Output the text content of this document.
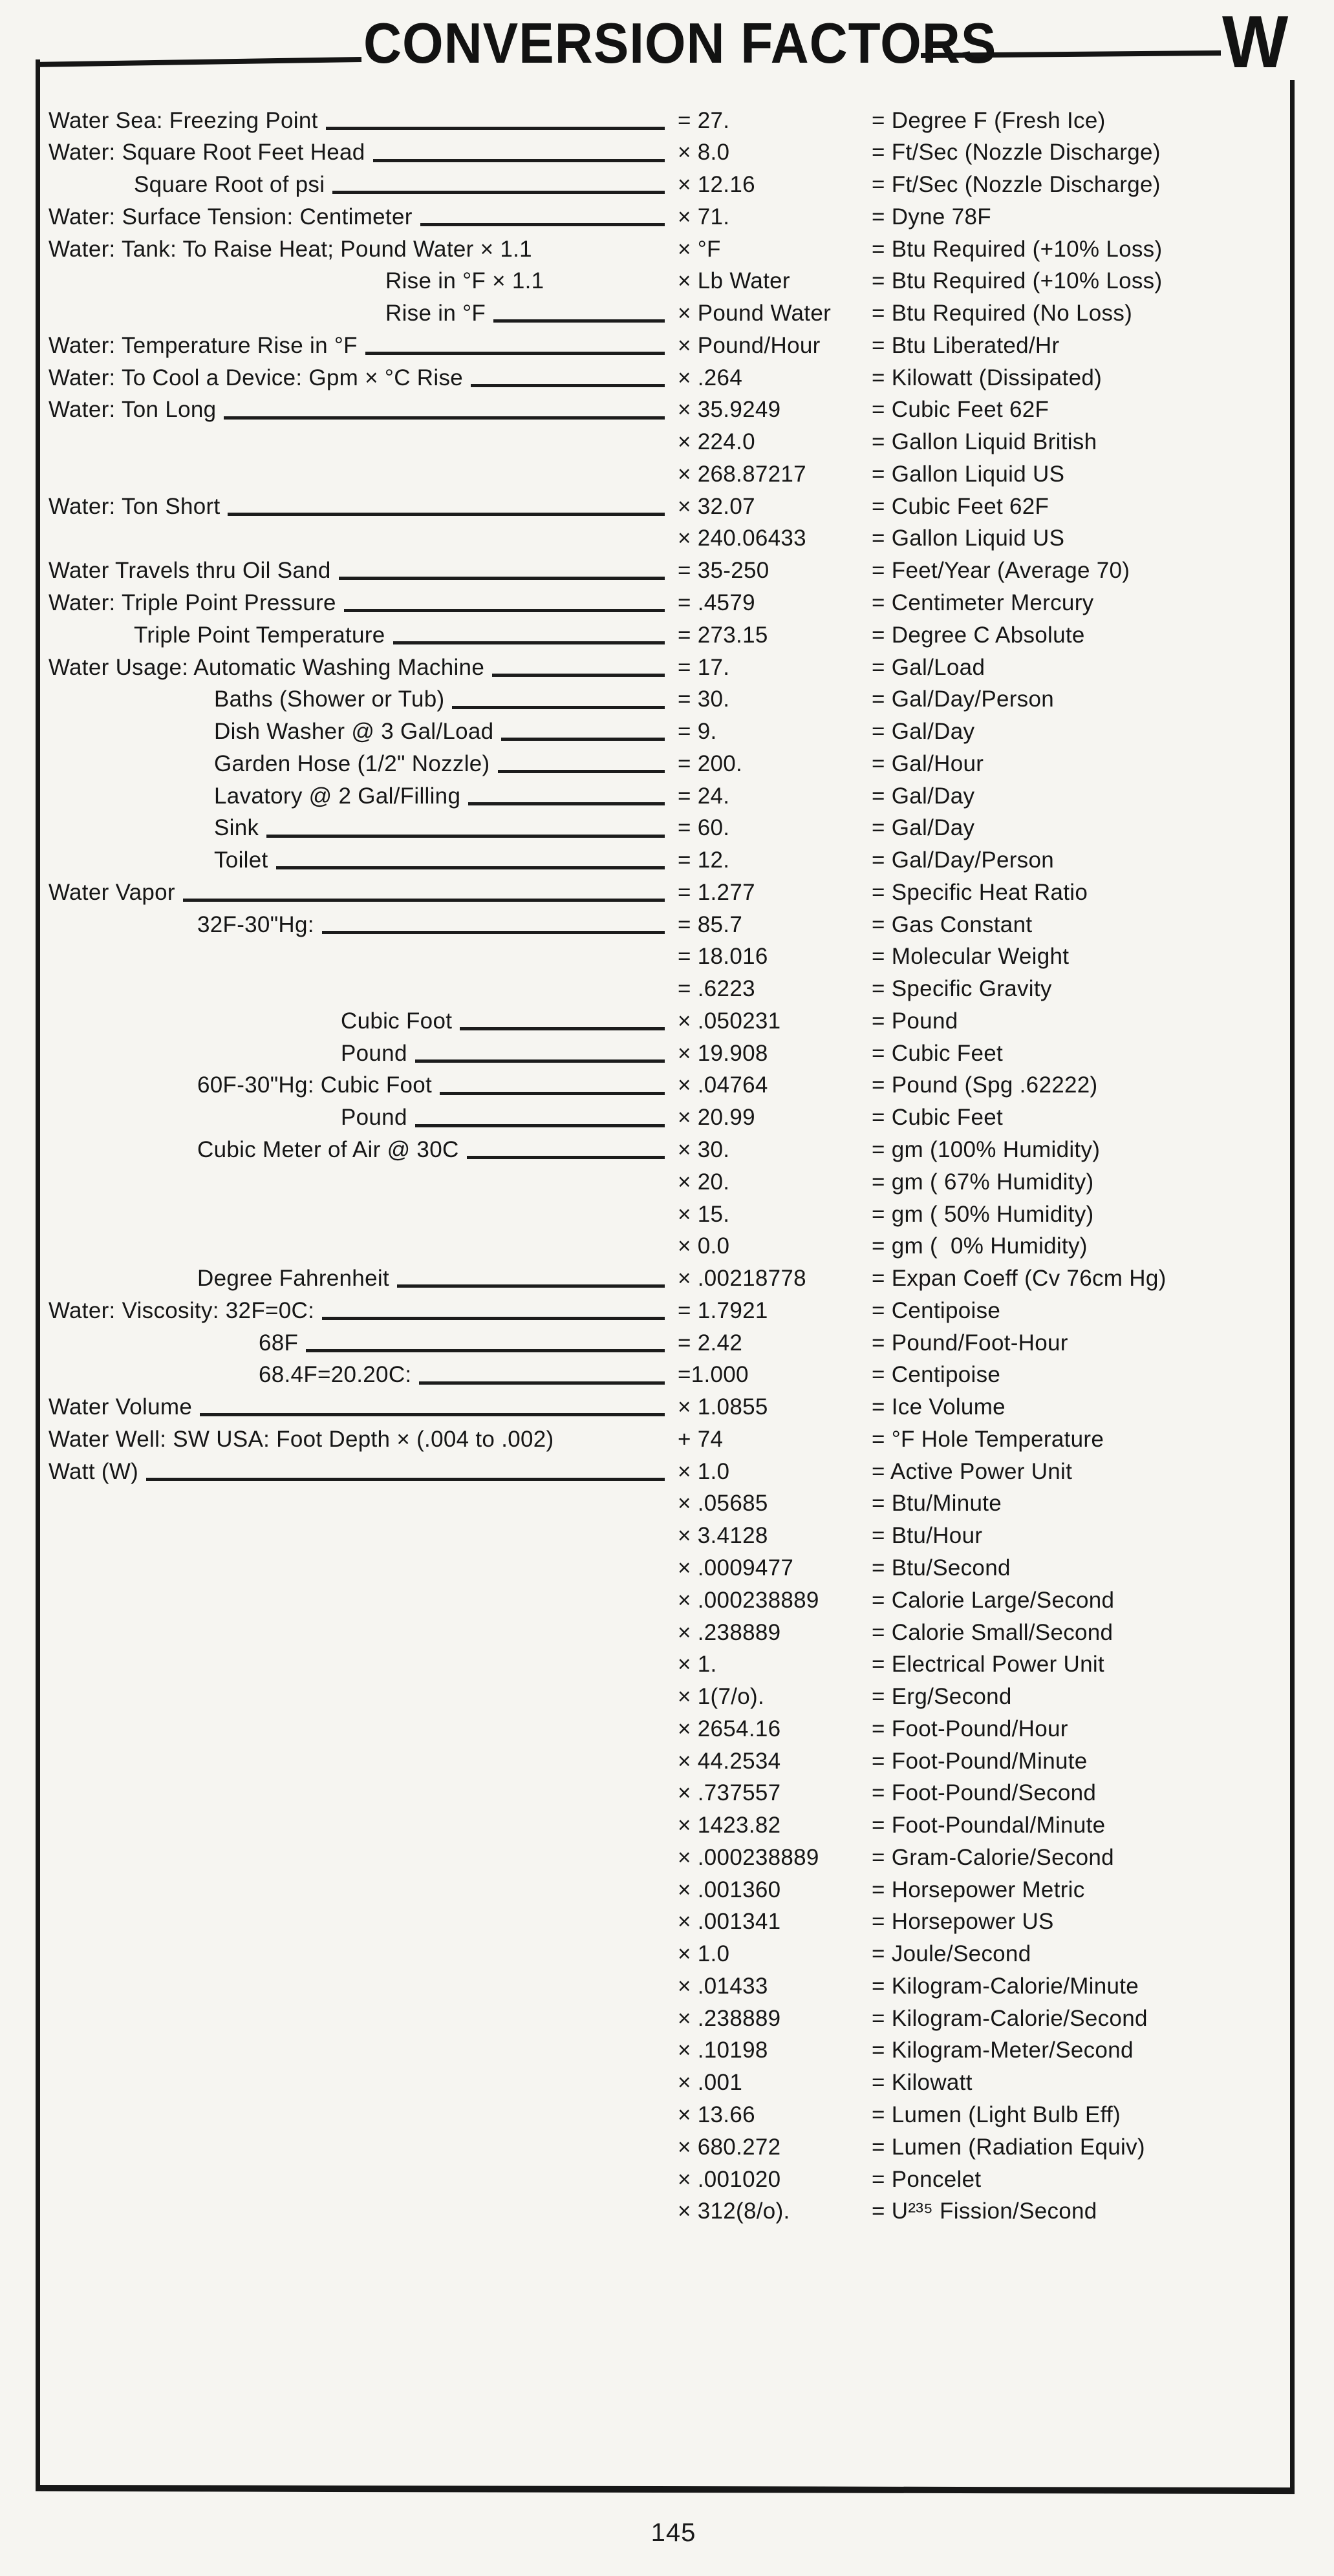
CONVERSION FACTORS	W
Water Sea: Freezing Point	= 27.	= Degree F (Fresh Ice)
Water: Square Root Feet Head	× 8.0	= Ft/Sec (Nozzle Discharge)
Square Root of psi	× 12.16	= Ft/Sec (Nozzle Discharge)
Water: Surface Tension: Centimeter	× 71.	= Dyne 78F
Water: Tank: To Raise Heat; Pound Water × 1.1	× °F	= Btu Required (+10% Loss)
Rise in °F × 1.1	× Lb Water	= Btu Required (+10% Loss)
Rise in °F	× Pound Water = Btu Required (No Loss)
Water: Temperature Rise in °F	× Pound/Hour = Btu Liberated/Hr
Water: To Cool a Device: Gpm × °C Rise	× .264	= Kilowatt (Dissipated)
Water: Ton Long	× 35.9249	= Cubic Feet 62F
× 224.0	= Gallon Liquid British
× 268.87217	= Gallon Liquid US
Water: Ton Short	× 32.07	= Cubic Feet 62F
× 240.06433	= Gallon Liquid US
Water Travels thru Oil Sand	= 35-250	= Feet/Year (Average 70)
Water: Triple Point Pressure	= .4579	= Centimeter Mercury
Triple Point Temperature	= 273.15	= Degree C Absolute
Water Usage: Automatic Washing Machine	= 17.	= Gal/Load
Baths (Shower or Tub)	= 30.	= Gal/Day/Person
Dish Washer @ 3 Gal/Load	= 9.	= Gal/Day
Garden Hose (1/2" Nozzle)	= 200.	= Gal/Hour
Lavatory @ 2 Gal/Filling	= 24.	= Gal/Day
Sink	= 60.	= Gal/Day
Toilet	= 12.	= Gal/Day/Person
Water Vapor	= 1.277	= Specific Heat Ratio
32F-30"Hg:	= 85.7	= Gas Constant
= 18.016	= Molecular Weight
= .6223	= Specific Gravity
Cubic Foot	× .050231	= Pound
Pound	× 19.908	= Cubic Feet
60F-30"Hg: Cubic Foot	× .04764	= Pound (Spg .62222)
Pound	× 20.99	= Cubic Feet
Cubic Meter of Air @ 30C	× 30.	= gm (100% Humidity)
× 20.	= gm ( 67% Humidity)
× 15.	= gm ( 50% Humidity)
× 0.0	= gm (  0% Humidity)
Degree Fahrenheit	× .00218778	= Expan Coeff (Cv 76cm Hg)
Water: Viscosity: 32F=0C:	= 1.7921	= Centipoise
68F	= 2.42	= Pound/Foot-Hour
68.4F=20.20C:	=1.000	= Centipoise
Water Volume	× 1.0855	= Ice Volume
Water Well: SW USA: Foot Depth × (.004 to .002)	+ 74	= °F Hole Temperature
Watt (W)	× 1.0	= Active Power Unit
× .05685	= Btu/Minute
× 3.4128	= Btu/Hour
× .0009477	= Btu/Second
× .000238889 = Calorie Large/Second
× .238889	= Calorie Small/Second
× 1.	= Electrical Power Unit
× 1(7/o).	= Erg/Second
× 2654.16	= Foot-Pound/Hour
× 44.2534	= Foot-Pound/Minute
× .737557	= Foot-Pound/Second
× 1423.82	= Foot-Poundal/Minute
× .000238889 = Gram-Calorie/Second
× .001360	= Horsepower Metric
× .001341	= Horsepower US
× 1.0	= Joule/Second
× .01433	= Kilogram-Calorie/Minute
× .238889	= Kilogram-Calorie/Second
× .10198	= Kilogram-Meter/Second
× .001	= Kilowatt
× 13.66	= Lumen (Light Bulb Eff)
× 680.272	= Lumen (Radiation Equiv)
× .001020	= Poncelet
× 312(8/o).	= U²³⁵ Fission/Second
145
